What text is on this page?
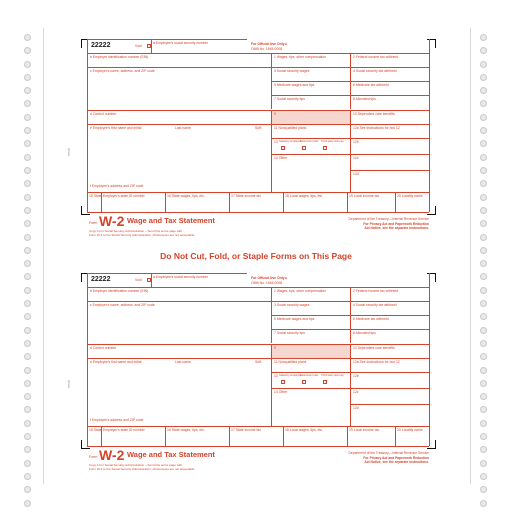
Do Not Cut, Fold, or Staple Forms on This Page
22222	Void
a Employee's social security number	For Official Use Only ▸
OMB No. 1545-0008
b Employer identification number (EIN)
c Employer's name, address, and ZIP code
d Control number
e Employee's first name and initial	Last name	Suff.
f Employee's address and ZIP code
1 Wages, tips, other compensation	2 Federal income tax withheld
3 Social security wages	4 Social security tax withheld
5 Medicare wages and tips	6 Medicare tax withheld
7 Social security tips	8 Allocated tips
9	10 Dependent care benefits
11 Nonqualified plans	12a See instructions for box 12
13 Statutory employee
Retirement plan Third-party sick pay	12b
14 Other	12c
12d
15 State Employer's state ID number	16 State wages, tips, etc.	17 State income tax	18 Local wages, tips, etc.	19 Local income tax	20 Locality name
Form W-2 Wage and Tax Statement
Copy A For Social Security Administration – Send this entire page with
Form W-3 to the Social Security Administration; photocopies are not acceptable.
Department of the Treasury—Internal Revenue Service
For Privacy Act and Paperwork Reduction
Act Notice, see the separate instructions.
22222	Void
a Employee's social security number	For Official Use Only ▸
OMB No. 1545-0008
b Employer identification number (EIN)
c Employer's name, address, and ZIP code
d Control number
e Employee's first name and initial	Last name	Suff.
f Employee's address and ZIP code
1 Wages, tips, other compensation	2 Federal income tax withheld
3 Social security wages	4 Social security tax withheld
5 Medicare wages and tips	6 Medicare tax withheld
7 Social security tips	8 Allocated tips
9	10 Dependent care benefits
11 Nonqualified plans	12a See instructions for box 12
13 Statutory employee
Retirement plan Third-party sick pay	12b
14 Other	12c
12d
15 State Employer's state ID number	16 State wages, tips, etc.	17 State income tax	18 Local wages, tips, etc.	19 Local income tax	20 Locality name
Form W-2 Wage and Tax Statement
Copy A For Social Security Administration – Send this entire page with
Form W-3 to the Social Security Administration; photocopies are not acceptable.
Department of the Treasury—Internal Revenue Service
For Privacy Act and Paperwork Reduction
Act Notice, see the separate instructions.
55555
55555
